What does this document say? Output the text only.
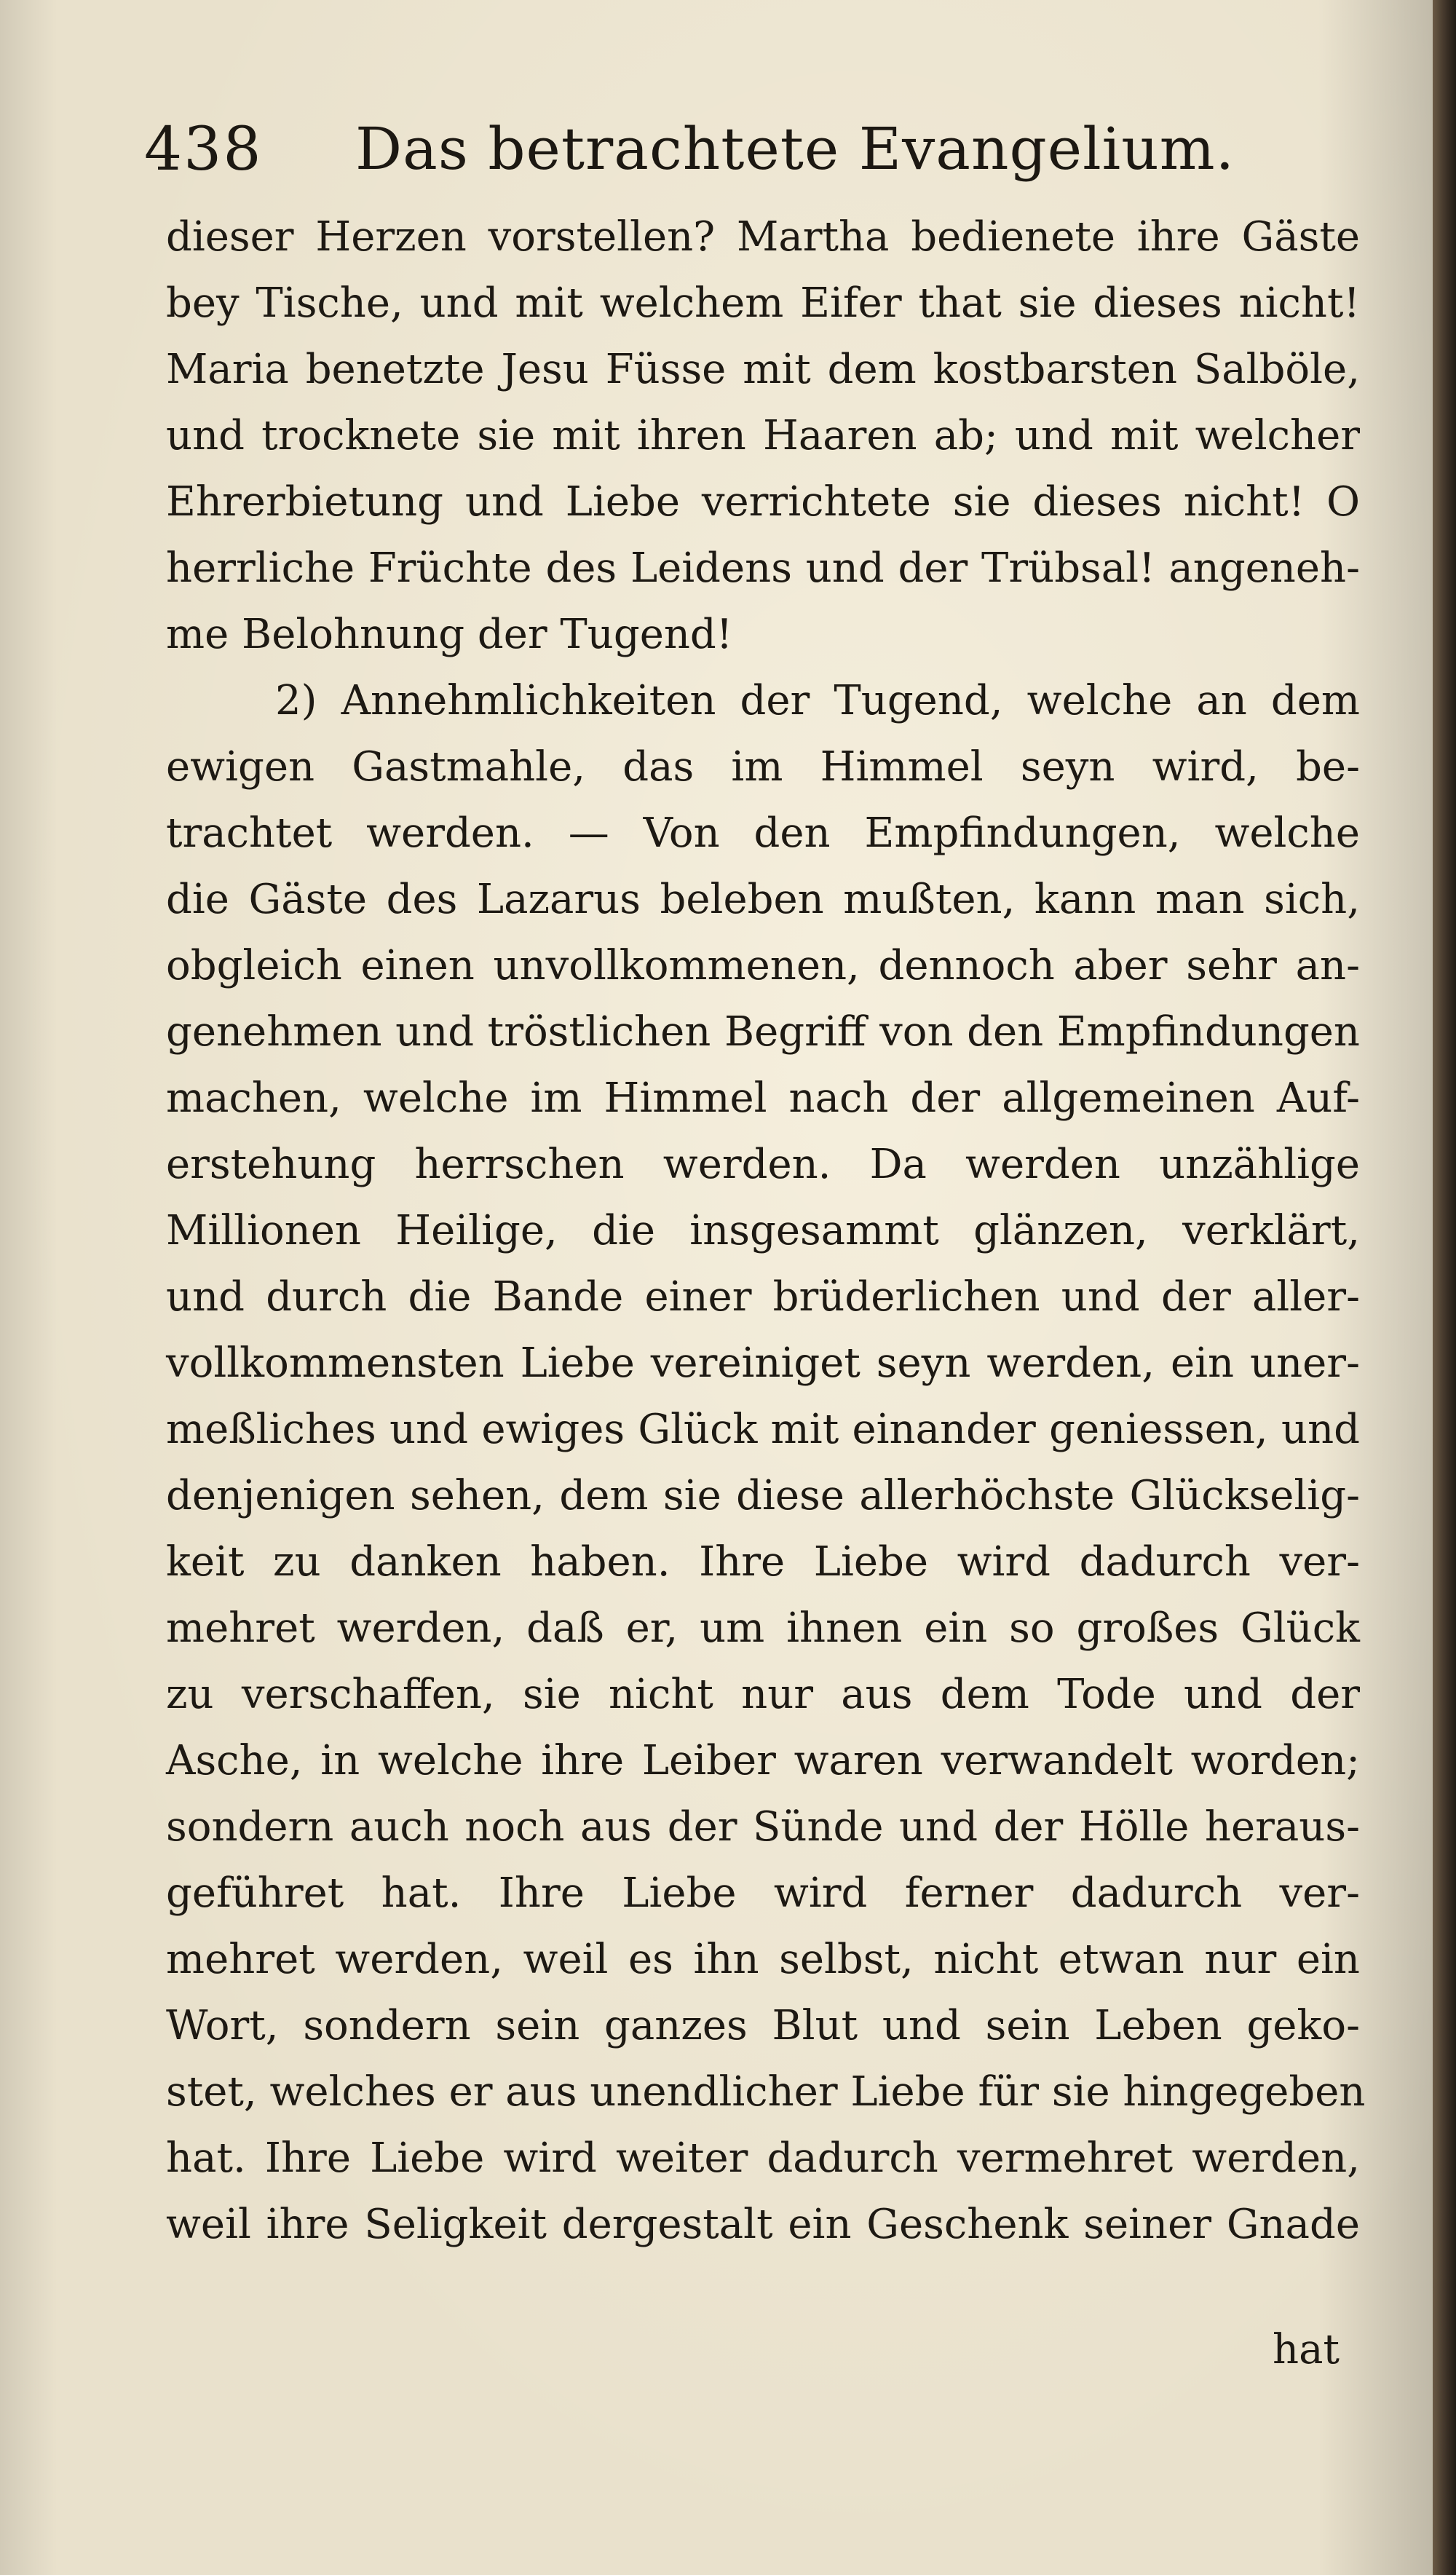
438 Das betrachtete Evangelium.
dieser Herzen vorstellen? Martha bedienete ihre Gäste
bey Tische, und mit welchem Eifer that sie dieses nicht!
Maria benetzte Jesu Füsse mit dem kostbarsten Salböle,
und trocknete sie mit ihren Haaren ab; und mit welcher
Ehrerbietung und Liebe verrichtete sie dieses nicht! O
herrliche Früchte des Leidens und der Trübsal! angeneh-
me Belohnung der Tugend!
2) Annehmlichkeiten der Tugend, welche an dem
ewigen Gastmahle, das im Himmel seyn wird, be-
trachtet werden. — Von den Empfindungen, welche
die Gäste des Lazarus beleben mußten, kann man sich,
obgleich einen unvollkommenen, dennoch aber sehr an-
genehmen und tröstlichen Begriff von den Empfindungen
machen, welche im Himmel nach der allgemeinen Auf-
erstehung herrschen werden. Da werden unzählige
Millionen Heilige, die insgesammt glänzen, verklärt,
und durch die Bande einer brüderlichen und der aller-
vollkommensten Liebe vereiniget seyn werden, ein uner-
meßliches und ewiges Glück mit einander geniessen, und
denjenigen sehen, dem sie diese allerhöchste Glückselig-
keit zu danken haben. Ihre Liebe wird dadurch ver-
mehret werden, daß er, um ihnen ein so großes Glück
zu verschaffen, sie nicht nur aus dem Tode und der
Asche, in welche ihre Leiber waren verwandelt worden;
sondern auch noch aus der Sünde und der Hölle heraus-
geführet hat. Ihre Liebe wird ferner dadurch ver-
mehret werden, weil es ihn selbst, nicht etwan nur ein
Wort, sondern sein ganzes Blut und sein Leben geko-
stet, welches er aus unendlicher Liebe für sie hingegeben
hat. Ihre Liebe wird weiter dadurch vermehret werden,
weil ihre Seligkeit dergestalt ein Geschenk seiner Gnade
hat
